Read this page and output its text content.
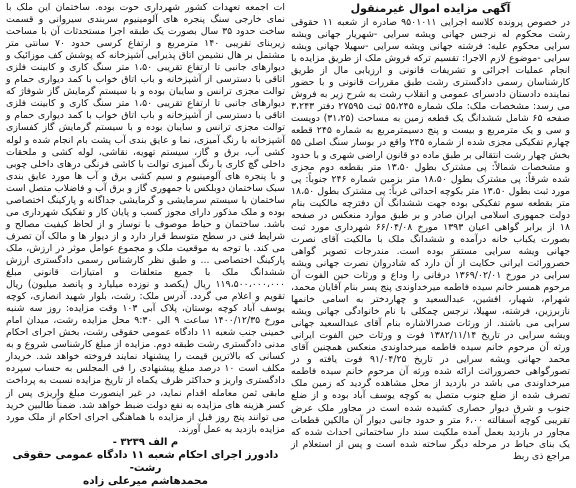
آگهی مزایده اموال غیرمنقول

در خصوص پرونده کلاسه اجرایی ۹۵۰۱۰۱۱ صادره از شعبه ۱۱ حقوقی رشت محکوم له نرجس جهانی ویشه سرایی -شهریار جهانی ویشه سرایی محکوم علیه: فرشته جهانی ویشه سرایی -سهیلا جهانی ویشه سرایی -موضوع لازم الاجرا: تقسیم ترکه فروش ملک از طریق مزایده با انجام عملیات اجرائی و تشریفات قانونی و ارزیابی مال از طریق کارشناسان رسمی دادگستری رشت طبق مقررات قانونی و با حضور نماینده دادستان دادسرای عمومی و انقلاب رشت به شرح زیر به فروش می رسد: مشخصات ملک: ملک شماره ۵۵،۲۴۵ ثبت ۲۷۵۹۵ دفتر ۳،۲۴۳ صفحه ۶۵ شامل ششدانگ یک قطعه زمین به مساحت (۳۱،۲۵) دویست و سی و یک مترمربع و بیست و پنج دسیمترمربع به شماره ۲۴۵ قطعه چهارم تفکیکی مجزی شده از شماره ۲۴۵ واقع در بوسار سنگ اصلی ۵۵ بخش چهار رشت انتقالی بر طبق ماده دو قانون اراضی شهری و با حدود و مشخصات شمالاً: پی مشترک بطول ۱۳،۵۰ متر بقطعه دوم مجزی شده شرقاً: پی مشترک بطول ۱۸،۵۰ متر بزمین شماره ۲۴۶ جنوباً: پی مورد ثبت بطول ۱۳،۵۰ متر بکوچه احداثی غرباً: پی مشترک بطول ۱۸،۵۰ متر بقطعه سوم تفکیکی بوده جهت ششدانگ آن دفترچه مالکیت بنام دولت جمهوری اسلامی ایران صادر و بر طبق موارد منعکس در صفحه ۱۸ از برابر گواهی اعیان ۱۳۹۳ مورخ ۶۶/۰۴/۰۸ شهرداری مورد ثبت بصورت یکباب خانه درآمده و ششدانگ ملک با مالکیت آقای نصرت جهانی ویشه سرایی مستقر بوده است. مندرجات تصویر گواهی حصروراثت ایرانی حکایت از آن دارد که شادروان نصرت جهانی ویشه سرایی در مورخ ۱۳۶۹/۰۲/۰۱ درفانی را وداع و ورثات حین الفوت آن مرحوم همسر خانم سیده فاطمه میرخداوندی پنج پسر بنام آقایان محمد، شهرام، شهیار، افشین، عبدالسعید و چهاردختر به اسامی خانمها نازبرزین، فرشته، سهیلا، نرجس چمکلی با نام خانوادگی جهانی ویشه سرایی می باشند. از ورثات صدرالاشاره بنام آقای عبدالسعید جهانی ویشه سرایی در تاریخ ۱۳۸۲/۱۱/۱۴ فوت و ورثات حین الفوت ایرانی ورثه آن مرحوم خانم سیده فاطمه میرخداوندی منعکس همچنین آقای محمد جهانی ویشه سرایی در تاریخ ۹۱/۰۴/۲۵ فوت یافته و در تصورگواهی حصروراثت ارائه شده ورثه آن مرحوم خانم سیده فاطمه میرخداوندی می باشد در بازدید از محل مشاهده گردید که زمین ملک تصرف شده از ضلع جنوب متصل به کوچه یوسف آباد بوده و از ضلع جنوب و شرق دیوار حصاری کشیده شده است در مجاور ملک عرض تقریبی کوچه آسفالته ۶،۰۰ متر و حدود جانبی دیوار آن مالکین قطعات مجاور در بازدید بعمل آمده ملکیت سند دار ساختمانی احداث شده که یک بنای حیاط در مرحله دیگر ساخته شده است و پس از استعلام از مراجع ذی ربط

ات اجمعه تعهدات کشور شهرداری حوت بوده. ساختمان این ملک با نمای خارجی سنگ پنجره های آلومینیوم سربندی سیروانی و قسمت ساخت حدود ۳۵ سال بصورت یک طبقه اجرا مستحدثات آن با مساحت زیربنای تقریبی ۱۴۰ مترمربع و ارتفاع کرسی حدود ۷۰ سانتی متر مشتمل بر هال نشیمن اتاق پذیرایی آشپزخانه که پوشش کف موزائیک و دیوارهای جانبی تا ارتفاع تقریبی ۱،۵۰ متر سنگ کاری و کابینت فلزی اتاقی با دسترسی از آشپزخانه و باب اتاق خواب با کمد دیواری حمام و توالت مجزی ترانس و سایبان بوده و با سیستم گرمایش گاز شوفاژ که دیوارهای جانبی تا ارتفاع تقریبی ۱،۵۰ متر سنگ کاری و کابینت فلزی اتاقی با دسترسی از آشپزخانه و باب اتاق خواب با کمد دیواری حمام و توالت مجزی ترانس و سایبان بوده و با سیستم گرمایش گاز کفسازی آشپزخانه با رنگ آمیزی، نما و عایق بندی آب پشت بام انجام شده و لوله کشی آب، برق و گاز، سیستم تهویه، نقاشی، لوله کشی و ملحقات داخلی گچ کاری با رنگ آمیزی توالت با کاشی فرنگی درهای داخلی چوبی و با پنجره های آلومینیوم و سیم کشی برق و آب ها مورد عایق بندی سبک ساختمان دوبلکس با جمهوری گاز و برق آب و فاضلاب متصل است ساختمان با سیستم سرمایشی و گرمایشی جداگانه و پارکینگ اختصاصی بوده و ملک مذکور دارای مجوز کسب و پایان کار و تفکیک شهرداری می باشد. ساختمان و حیاط موصوف با نوساز و از لحاظ کیفیت مصالح و شرایط فنی در سطح متوسط قرار دارد و از دیوار ها و مالک آن تصرف می کند. با توجه به موقعیت ملک و مجموع عوامل موثر در ارزش، ملک پارکینگ اختصاصی ... و طبق نظر کارشناس رسمی دادگستری ارزش ششدانگ ملک با جمیع متعلقات و امتیازات قانونی مبلغ ۱۱۹،۵۰۰،۰۰۰،۰۰۰ ریال (یکصد و نوزده میلیارد و پانصد میلیون) ریال تقویم و اعلام می گردد. آدرس ملک: رشت، بلوار شهید انصاری، کوچه یوسف آباد کوچه بوستان، پلاک آبی ۱۰۳ وقت مزایده: روز سه شنبه مورخ ۱۴۰۰/۱۲/۳۵ ساعت ۹ الی ۹:۳۰ محل مزایده رشت، میدان امام خمینی جنب شعبه ۱۱ دادگاه عمومی حقوقی رشت، بخش اجرای احکام مدنی دادگستری رشت طبقه دوم. مزایده از مبلغ کارشناسی شروع و به کسانی که بالاترین قیمت را پیشنهاد نمایند فروخته خواهد شد. خریدار مکلف است ۱۰ درصد مبلغ پیشنهادی را فی المجلس به حساب سپرده دادگستری واریز و حداکثر ظرف یکماه از تاریخ مزایده نسبت به پرداخت مابقی ثمن معامله اقدام نماید، در غیر اینصورت مبلغ واریزی پس از کسر هزینه های مزایده به نفع دولت ضبط خواهد شد. ضمناً طالبین خرید می توانند پنج روز قبل از مزایده با هماهنگی اجرای احکام از ملک مورد مزایده بازدید به عمل آورند.

م الف ۳۲۳۹ -
دادورز اجرای احکام شعبه ۱۱ دادگاه عمومی حقوقی رشت-
محمدهاشم میرعلی زاده
